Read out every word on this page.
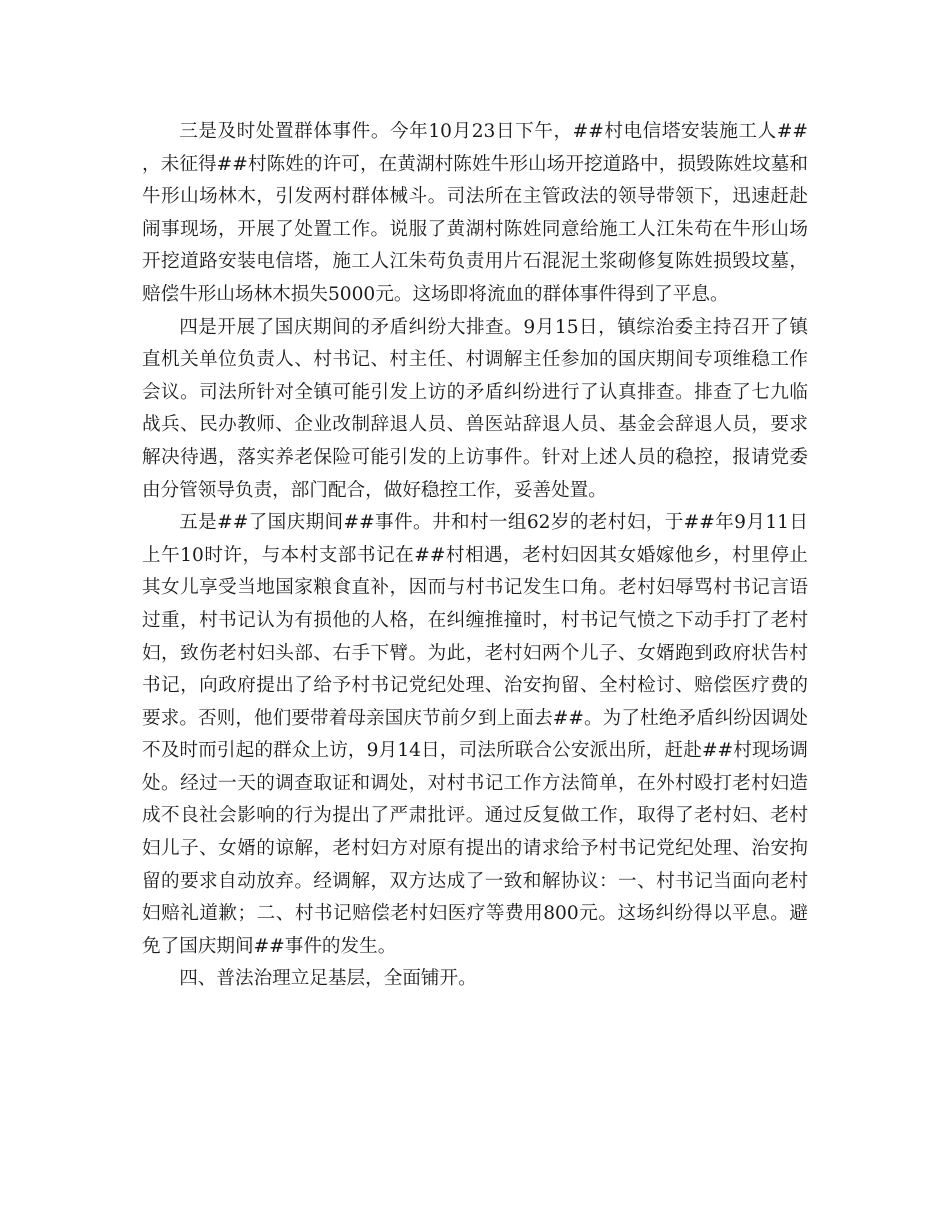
三是及时处置群体事件。今年10月23日下午，##村电信塔安装施工人##，未征得##村陈姓的许可，在黄湖村陈姓牛形山场开挖道路中，损毁陈姓坟墓和牛形山场林木，引发两村群体械斗。司法所在主管政法的领导带领下，迅速赶赴闹事现场，开展了处置工作。说服了黄湖村陈姓同意给施工人江朱苟在牛形山场开挖道路安装电信塔，施工人江朱苟负责用片石混泥土浆砌修复陈姓损毁坟墓，赔偿牛形山场林木损失5000元。这场即将流血的群体事件得到了平息。

四是开展了国庆期间的矛盾纠纷大排查。9月15日，镇综治委主持召开了镇直机关单位负责人、村书记、村主任、村调解主任参加的国庆期间专项维稳工作会议。司法所针对全镇可能引发上访的矛盾纠纷进行了认真排查。排查了七九临战兵、民办教师、企业改制辞退人员、兽医站辞退人员、基金会辞退人员，要求解决待遇，落实养老保险可能引发的上访事件。针对上述人员的稳控，报请党委由分管领导负责，部门配合，做好稳控工作，妥善处置。

五是##了国庆期间##事件。井和村一组62岁的老村妇，于##年9月11日上午10时许，与本村支部书记在##村相遇，老村妇因其女婚嫁他乡，村里停止其女儿享受当地国家粮食直补，因而与村书记发生口角。老村妇辱骂村书记言语过重，村书记认为有损他的人格，在纠缠推撞时，村书记气愤之下动手打了老村妇，致伤老村妇头部、右手下臂。为此，老村妇两个儿子、女婿跑到政府状告村书记，向政府提出了给予村书记党纪处理、治安拘留、全村检讨、赔偿医疗费的要求。否则，他们要带着母亲国庆节前夕到上面去##。为了杜绝矛盾纠纷因调处不及时而引起的群众上访，9月14日，司法所联合公安派出所，赶赴##村现场调处。经过一天的调查取证和调处，对村书记工作方法简单，在外村殴打老村妇造成不良社会影响的行为提出了严肃批评。通过反复做工作，取得了老村妇、老村妇儿子、女婿的谅解，老村妇方对原有提出的请求给予村书记党纪处理、治安拘留的要求自动放弃。经调解，双方达成了一致和解协议：一、村书记当面向老村妇赔礼道歉；二、村书记赔偿老村妇医疗等费用800元。这场纠纷得以平息。避免了国庆期间##事件的发生。

四、普法治理立足基层，全面铺开。
